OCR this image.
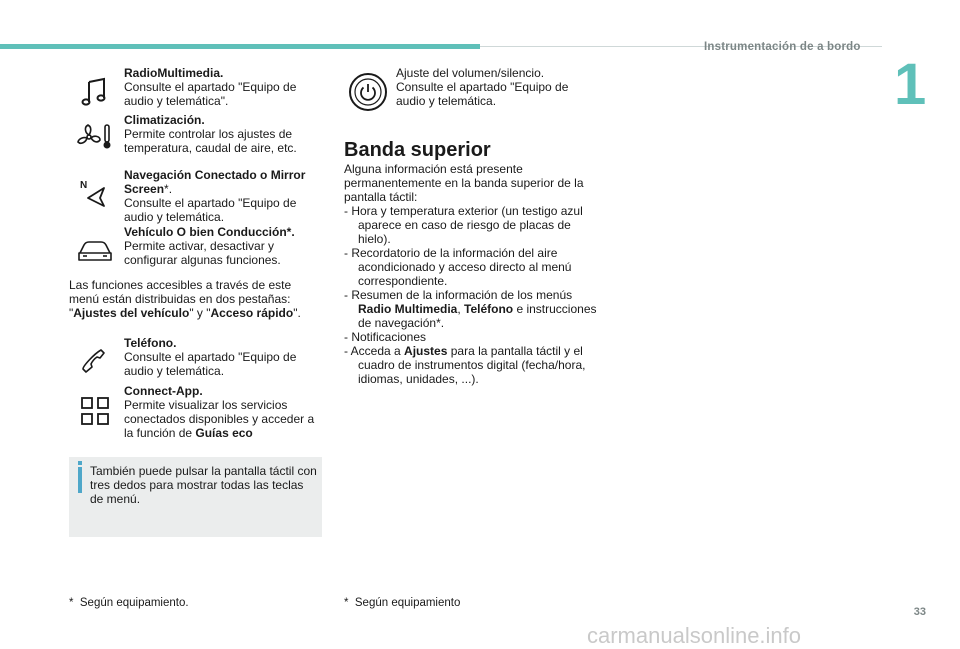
Instrumentación de a bordo
1
RadioMultimedia.
Consulte el apartado "Equipo de audio y telemática".
Climatización.
Permite controlar los ajustes de temperatura, caudal de aire, etc.
N
Navegación Conectado o Mirror
Screen*.
Consulte el apartado "Equipo de audio y telemática.
Vehículo O bien Conducción*.
Permite activar, desactivar y configurar algunas funciones.
Las funciones accesibles a través de este menú están distribuidas en dos pestañas: "Ajustes del vehículo" y "Acceso rápido".
Teléfono.
Consulte el apartado "Equipo de audio y telemática.
Connect-App.
Permite visualizar los servicios conectados disponibles y acceder a la función de Guías eco
También puede pulsar la pantalla táctil con tres dedos para mostrar todas las teclas de menú.
* Según equipamiento.
Ajuste del volumen/silencio. Consulte el apartado "Equipo de audio y telemática.
Banda superior
Alguna información está presente permanentemente en la banda superior de la pantalla táctil:
- Hora y temperatura exterior (un testigo azul aparece en caso de riesgo de placas de hielo).
- Recordatorio de la información del aire acondicionado y acceso directo al menú correspondiente.
- Resumen de la información de los menús Radio Multimedia, Teléfono e instrucciones de navegación*.
- Notificaciones
- Acceda a Ajustes para la pantalla táctil y el cuadro de instrumentos digital (fecha/hora, idiomas, unidades, ...).
* Según equipamiento
33
carmanualsonline.info
